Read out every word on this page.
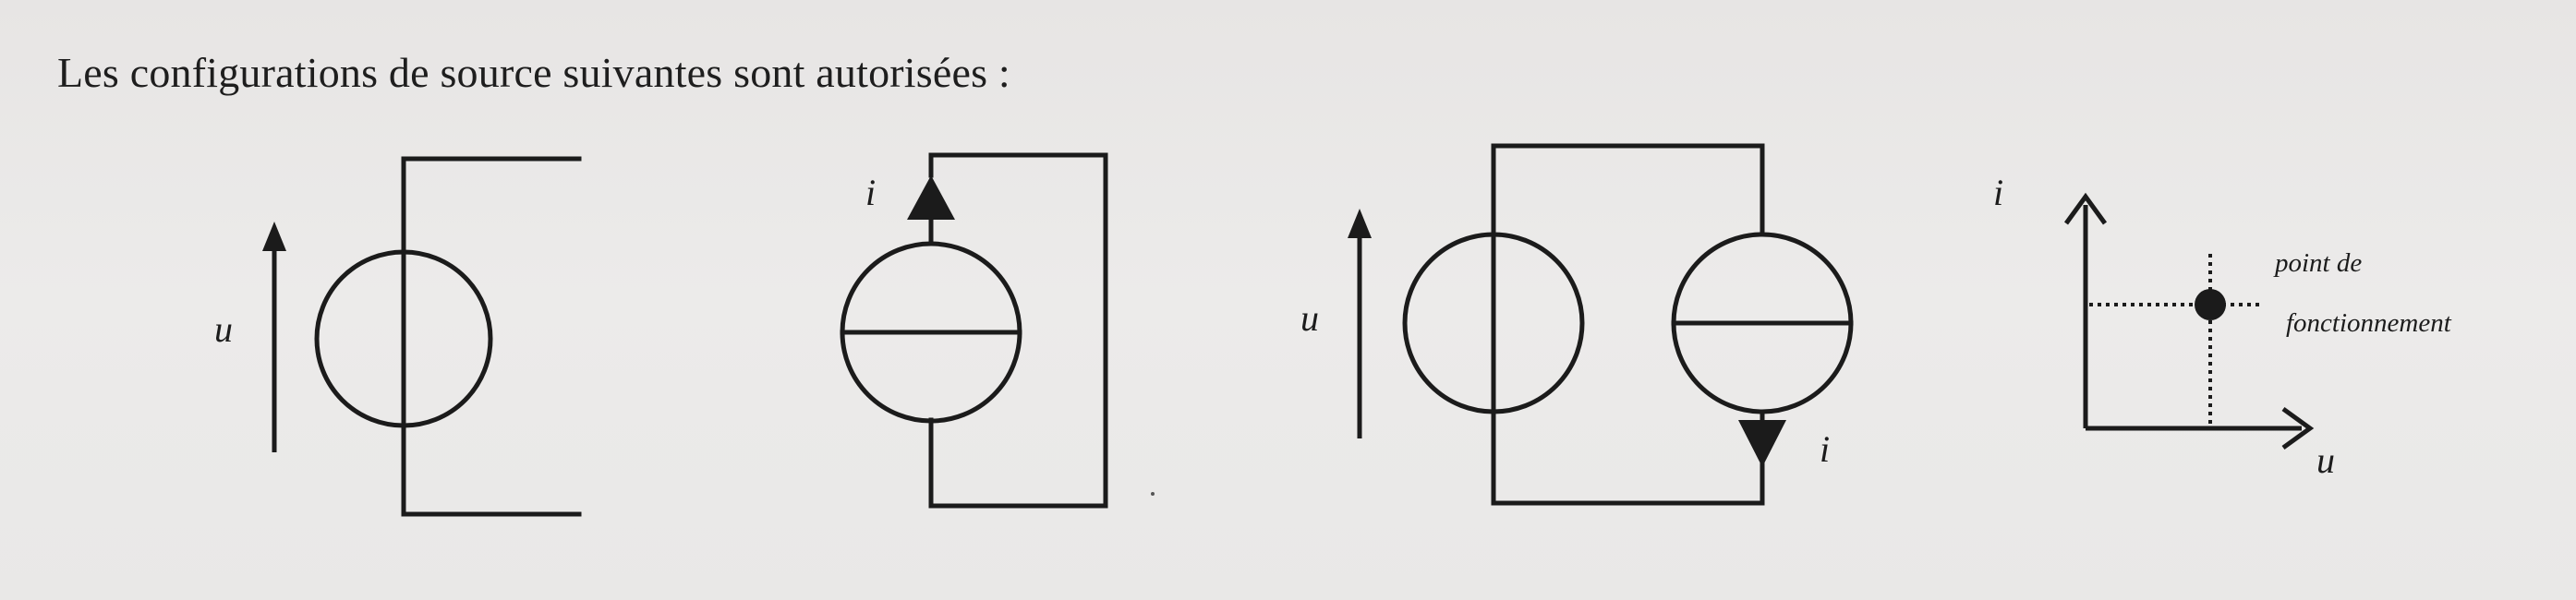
Les configurations de source suivantes sont autorisées :
u
i
u
i
i
u
point de
fonctionnement
